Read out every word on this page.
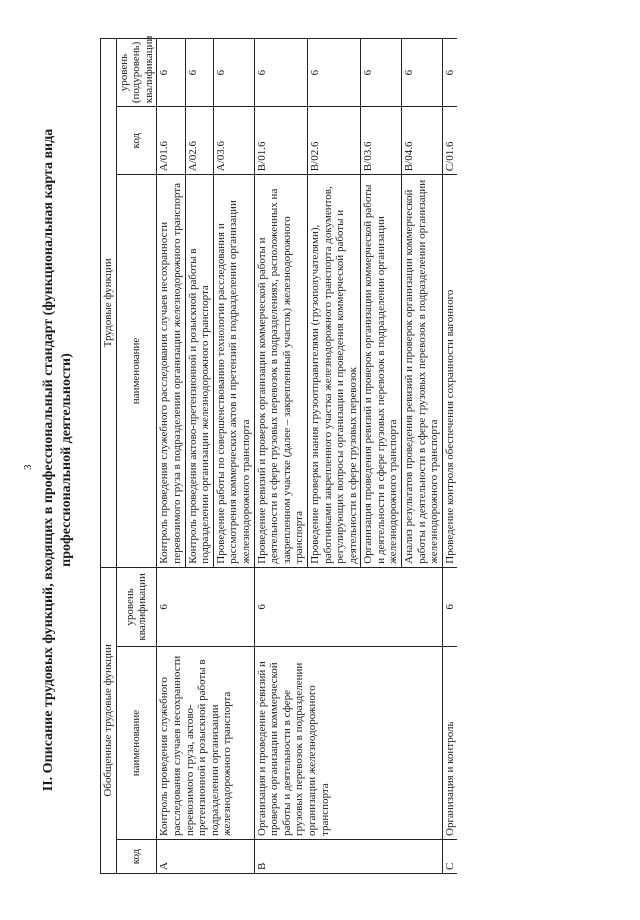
3 II. Описание трудовых функций, входящих в профессиональный стандарт (функциональная карта вида профессиональной деятельности)
Обобщенные трудовые функции			Трудовые функции		
код	наименование	уровень квалификации	наименование	код	уровень (подуровень) квалификации
А	Контроль проведения служебного расследования случаев несохранности перевозимого груза, актово-претензионной и розыскной работы в подразделении организации железнодорожного транспорта	6	Контроль проведения служебного расследования случаев несохранности перевозимого груза в подразделении организации железнодорожного транспорта	A/01.6	6
			Контроль проведения актово-претензионной и розыскной работы в подразделении организации железнодорожного транспорта	A/02.6	6
			Проведение работы по совершенствованию технологии расследования и рассмотрения коммерческих актов и претензий в подразделении организации железнодорожного транспорта	A/03.6	6
В	Организация и проведение ревизий и проверок организации коммерческой работы и деятельности в сфере грузовых перевозок в подразделении организации железнодорожного транспорта	6	Проведение ревизий и проверок организации коммерческой работы и деятельности в сфере грузовых перевозок в подразделениях, расположенных на закрепленном участке (далее – закрепленный участок) железнодорожного транспорта	B/01.6	6
			Проведение проверки знания грузоотправителями (грузополучателями), работниками закрепленного участка железнодорожного транспорта документов, регулирующих вопросы организации и проведения коммерческой работы и деятельности в сфере грузовых перевозок	B/02.6	6
			Организация проведения ревизий и проверок организации коммерческой работы и деятельности в сфере грузовых перевозок в подразделении организации железнодорожного транспорта	B/03.6	6
			Анализ результатов проведения ревизий и проверок организации коммерческой работы и деятельности в сфере грузовых перевозок в подразделении организации железнодорожного транспорта	B/04.6	6
С	Организация и контроль	6	Проведение контроля обеспечения сохранности вагонного	C/01.6	6
